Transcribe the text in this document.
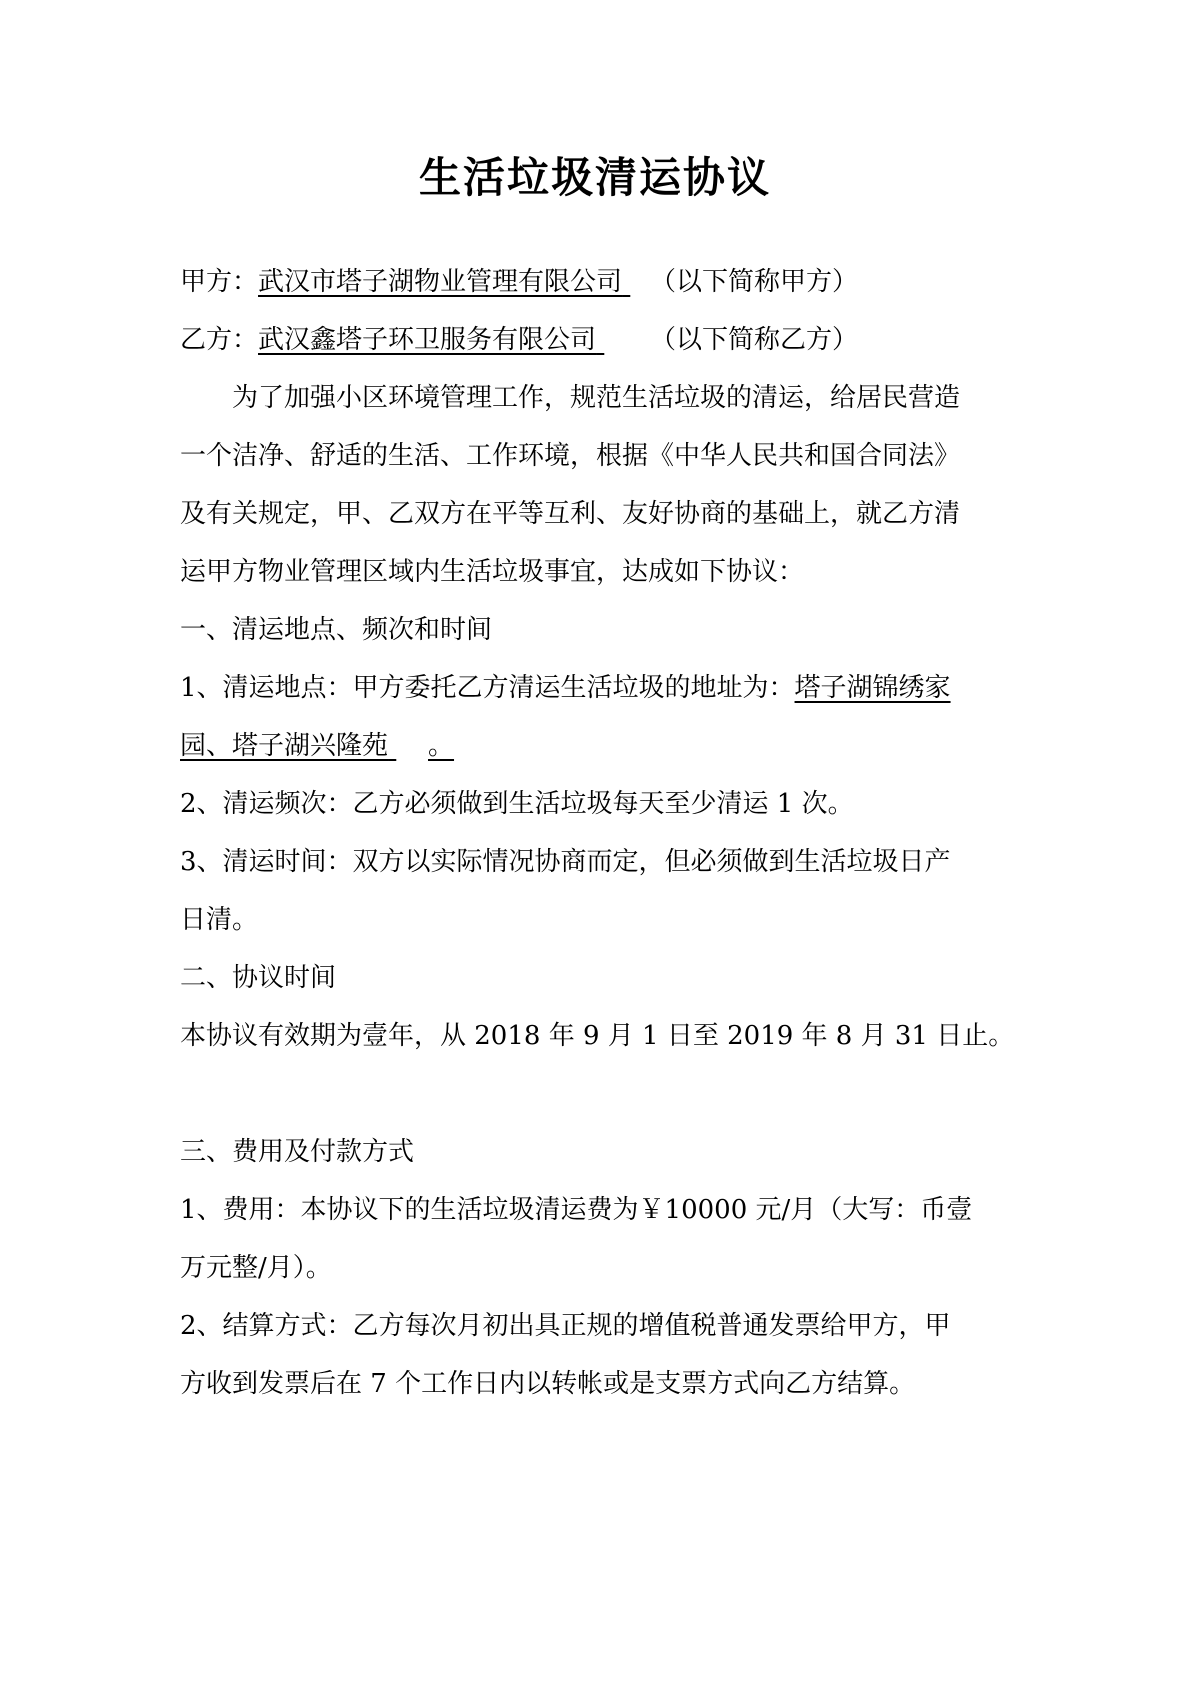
生活垃圾清运协议
甲方：武汉市塔子湖物业管理有限公司 （以下简称甲方）
乙方：武汉鑫塔子环卫服务有限公司 （以下简称乙方）
为了加强小区环境管理工作，规范生活垃圾的清运，给居民营造
一个洁净、舒适的生活、工作环境，根据《中华人民共和国合同法》
及有关规定，甲、乙双方在平等互利、友好协商的基础上，就乙方清
运甲方物业管理区域内生活垃圾事宜，达成如下协议：
一、清运地点、频次和时间
1、清运地点：甲方委托乙方清运生活垃圾的地址为：塔子湖锦绣家
园、塔子湖兴隆苑 。
2、清运频次：乙方必须做到生活垃圾每天至少清运 1 次。
3、清运时间：双方以实际情况协商而定，但必须做到生活垃圾日产
日清。
二、协议时间
本协议有效期为壹年，从 2018 年 9 月 1 日至 2019 年 8 月 31 日止。
三、费用及付款方式
1、费用：本协议下的生活垃圾清运费为￥10000 元/月（大写：币壹
万元整/月）。
2、结算方式：乙方每次月初出具正规的增值税普通发票给甲方，甲
方收到发票后在 7 个工作日内以转帐或是支票方式向乙方结算。
